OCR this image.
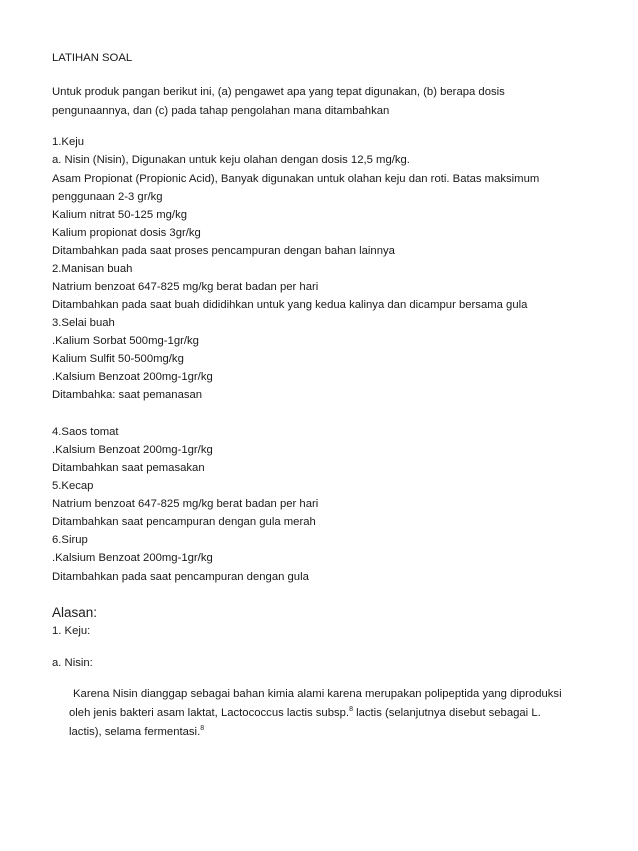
LATIHAN SOAL
Untuk produk pangan berikut ini, (a) pengawet apa yang tepat digunakan, (b) berapa dosis
pengunaannya, dan (c) pada tahap pengolahan mana ditambahkan
1.Keju
a. Nisin (Nisin), Digunakan untuk keju olahan dengan dosis 12,5 mg/kg.
Asam Propionat (Propionic Acid), Banyak digunakan untuk olahan keju dan roti. Batas maksimum
penggunaan 2-3 gr/kg
Kalium nitrat 50-125 mg/kg
Kalium propionat dosis 3gr/kg
Ditambahkan pada saat proses pencampuran dengan bahan lainnya
2.Manisan buah
Natrium benzoat 647-825 mg/kg berat badan per hari
Ditambahkan pada saat buah dididihkan untuk yang kedua kalinya dan dicampur bersama gula
3.Selai buah
.Kalium Sorbat 500mg-1gr/kg
Kalium Sulfit 50-500mg/kg
.Kalsium Benzoat 200mg-1gr/kg
Ditambahka: saat pemanasan
4.Saos tomat
.Kalsium Benzoat 200mg-1gr/kg
Ditambahkan saat pemasakan
5.Kecap
Natrium benzoat 647-825 mg/kg berat badan per hari
Ditambahkan saat pencampuran dengan gula merah
6.Sirup
.Kalsium Benzoat 200mg-1gr/kg
Ditambahkan pada saat pencampuran dengan gula
Alasan:
1. Keju:
a. Nisin:
Karena Nisin dianggap sebagai bahan kimia alami karena merupakan polipeptida yang diproduksi
oleh jenis bakteri asam laktat, Lactococcus lactis subsp.$^8$ lactis (selanjutnya disebut sebagai L.
lactis), selama fermentasi.$^8$
